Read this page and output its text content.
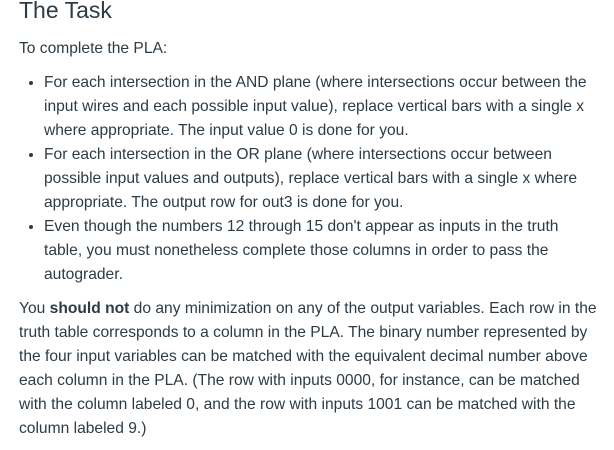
The Task

To complete the PLA:

• For each intersection in the AND plane (where intersections occur between the input wires and each possible input value), replace vertical bars with a single x where appropriate. The input value 0 is done for you.
• For each intersection in the OR plane (where intersections occur between possible input values and outputs), replace vertical bars with a single x where appropriate. The output row for out3 is done for you.
• Even though the numbers 12 through 15 don't appear as inputs in the truth table, you must nonetheless complete those columns in order to pass the autograder.

You should not do any minimization on any of the output variables. Each row in the truth table corresponds to a column in the PLA. The binary number represented by the four input variables can be matched with the equivalent decimal number above each column in the PLA. (The row with inputs 0000, for instance, can be matched with the column labeled 0, and the row with inputs 1001 can be matched with the column labeled 9.)
